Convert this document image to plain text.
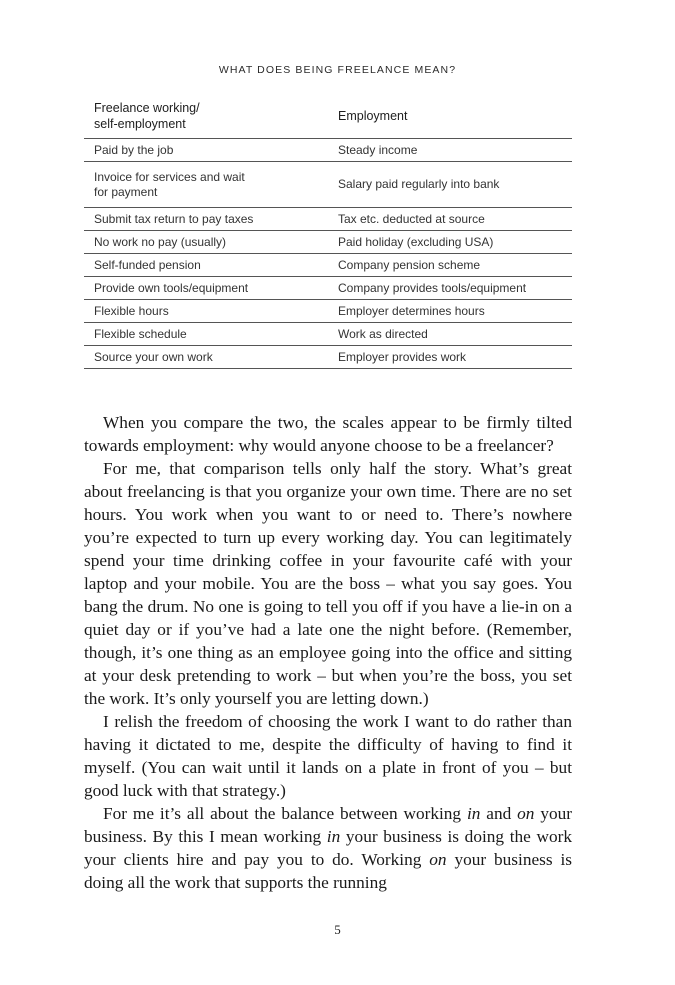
WHAT DOES BEING FREELANCE MEAN?
Freelance working/
self-employment	Employment
Paid by the job	Steady income
Invoice for services and wait
for payment	Salary paid regularly into bank
Submit tax return to pay taxes	Tax etc. deducted at source
No work no pay (usually)	Paid holiday (excluding USA)
Self-funded pension	Company pension scheme
Provide own tools/equipment	Company provides tools/equipment
Flexible hours	Employer determines hours
Flexible schedule	Work as directed
Source your own work	Employer provides work

When you compare the two, the scales appear to be firmly tilted towards employment: why would anyone choose to be a freelancer?

For me, that comparison tells only half the story. What’s great about freelancing is that you organize your own time. There are no set hours. You work when you want to or need to. There’s nowhere you’re expected to turn up every working day. You can legitimately spend your time drinking coffee in your favourite café with your laptop and your mobile. You are the boss – what you say goes. You bang the drum. No one is going to tell you off if you have a lie-in on a quiet day or if you’ve had a late one the night before. (Remember, though, it’s one thing as an employee going into the office and sitting at your desk pretending to work – but when you’re the boss, you set the work. It’s only yourself you are letting down.)

I relish the freedom of choosing the work I want to do rather than having it dictated to me, despite the difficulty of having to find it myself. (You can wait until it lands on a plate in front of you – but good luck with that strategy.)

For me it’s all about the balance between working in and on your business. By this I mean working in your business is doing the work your clients hire and pay you to do. Working on your business is doing all the work that supports the running

5
